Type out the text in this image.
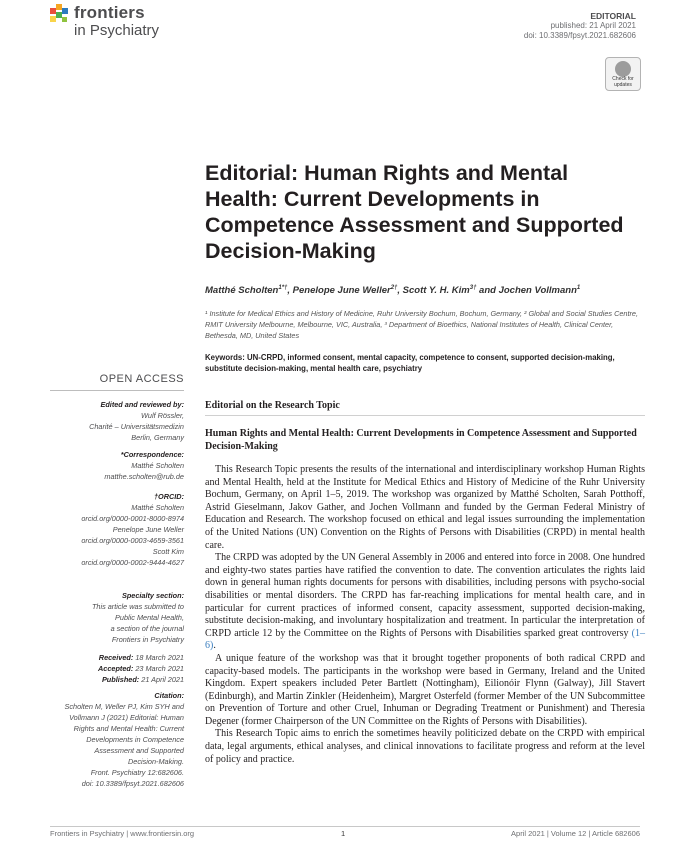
frontiers
in Psychiatry
EDITORIAL
published: 21 April 2021
doi: 10.3389/fpsyt.2021.682606
Check for
updates
Editorial: Human Rights and Mental Health: Current Developments in Competence Assessment and Supported Decision-Making
Matthé Scholten$^{1*\dagger}$, Penelope June Weller$^{2\dagger}$, Scott Y. H. Kim$^{3\dagger}$ and Jochen Vollmann$^1$
¹ Institute for Medical Ethics and History of Medicine, Ruhr University Bochum, Bochum, Germany, ² Global and Social Studies Centre, RMIT University Melbourne, Melbourne, VIC, Australia, ³ Department of Bioethics, National Institutes of Health, Clinical Center, Bethesda, MD, United States
Keywords: UN-CRPD, informed consent, mental capacity, competence to consent, supported decision-making, substitute decision-making, mental health care, psychiatry
OPEN ACCESS
Edited and reviewed by:
Wulf Rössler,
Charité – Universitätsmedizin
Berlin, Germany
*Correspondence:
Matthé Scholten
matthe.scholten@rub.de
†ORCID:
Matthé Scholten
orcid.org/0000-0001-8000-8974
Penelope June Weller
orcid.org/0000-0003-4659-3561
Scott Kim
orcid.org/0000-0002-9444-4627
Specialty section:
This article was submitted to
Public Mental Health,
a section of the journal
Frontiers in Psychiatry
Received: 18 March 2021
Accepted: 23 March 2021
Published: 21 April 2021
Citation:
Scholten M, Weller PJ, Kim SYH and
Vollmann J (2021) Editorial: Human
Rights and Mental Health: Current
Developments in Competence
Assessment and Supported
Decision-Making.
Front. Psychiatry 12:682606.
doi: 10.3389/fpsyt.2021.682606
Editorial on the Research Topic
Human Rights and Mental Health: Current Developments in Competence Assessment and Supported Decision-Making

This Research Topic presents the results of the international and interdisciplinary workshop Human Rights and Mental Health, held at the Institute for Medical Ethics and History of Medicine of the Ruhr University Bochum, Germany, on April 1–5, 2019. The workshop was organized by Matthé Scholten, Sarah Potthoff, Astrid Gieselmann, Jakov Gather, and Jochen Vollmann and funded by the German Federal Ministry of Education and Research. The workshop focused on ethical and legal issues surrounding the implementation of the United Nations (UN) Convention on the Rights of Persons with Disabilities (CRPD) in mental health care.

The CRPD was adopted by the UN General Assembly in 2006 and entered into force in 2008. One hundred and eighty-two states parties have ratified the convention to date. The convention articulates the rights laid down in general human rights documents for persons with disabilities, including persons with psycho-social disabilities or mental disorders. The CRPD has far-reaching implications for mental health care, and in particular for current practices of informed consent, capacity assessment, supported decision-making, substitute decision-making, and involuntary hospitalization and treatment. In particular the interpretation of CRPD article 12 by the Committee on the Rights of Persons with Disabilities sparked great controversy (1–6).

A unique feature of the workshop was that it brought together proponents of both radical CRPD and capacity-based models. The participants in the workshop were based in Germany, Ireland and the United Kingdom. Expert speakers included Peter Bartlett (Nottingham), Eilionóir Flynn (Galway), Jill Stavert (Edinburgh), and Martin Zinkler (Heidenheim), Margret Osterfeld (former Member of the UN Subcommittee on Prevention of Torture and other Cruel, Inhuman or Degrading Treatment or Punishment) and Theresia Degener (former Chairperson of the UN Committee on the Rights of Persons with Disabilities).

This Research Topic aims to enrich the sometimes heavily politicized debate on the CRPD with empirical data, legal arguments, ethical analyses, and clinical innovations to facilitate progress and reform at the level of policy and practice.

Frontiers in Psychiatry | www.frontiersin.org	1	April 2021 | Volume 12 | Article 682606
